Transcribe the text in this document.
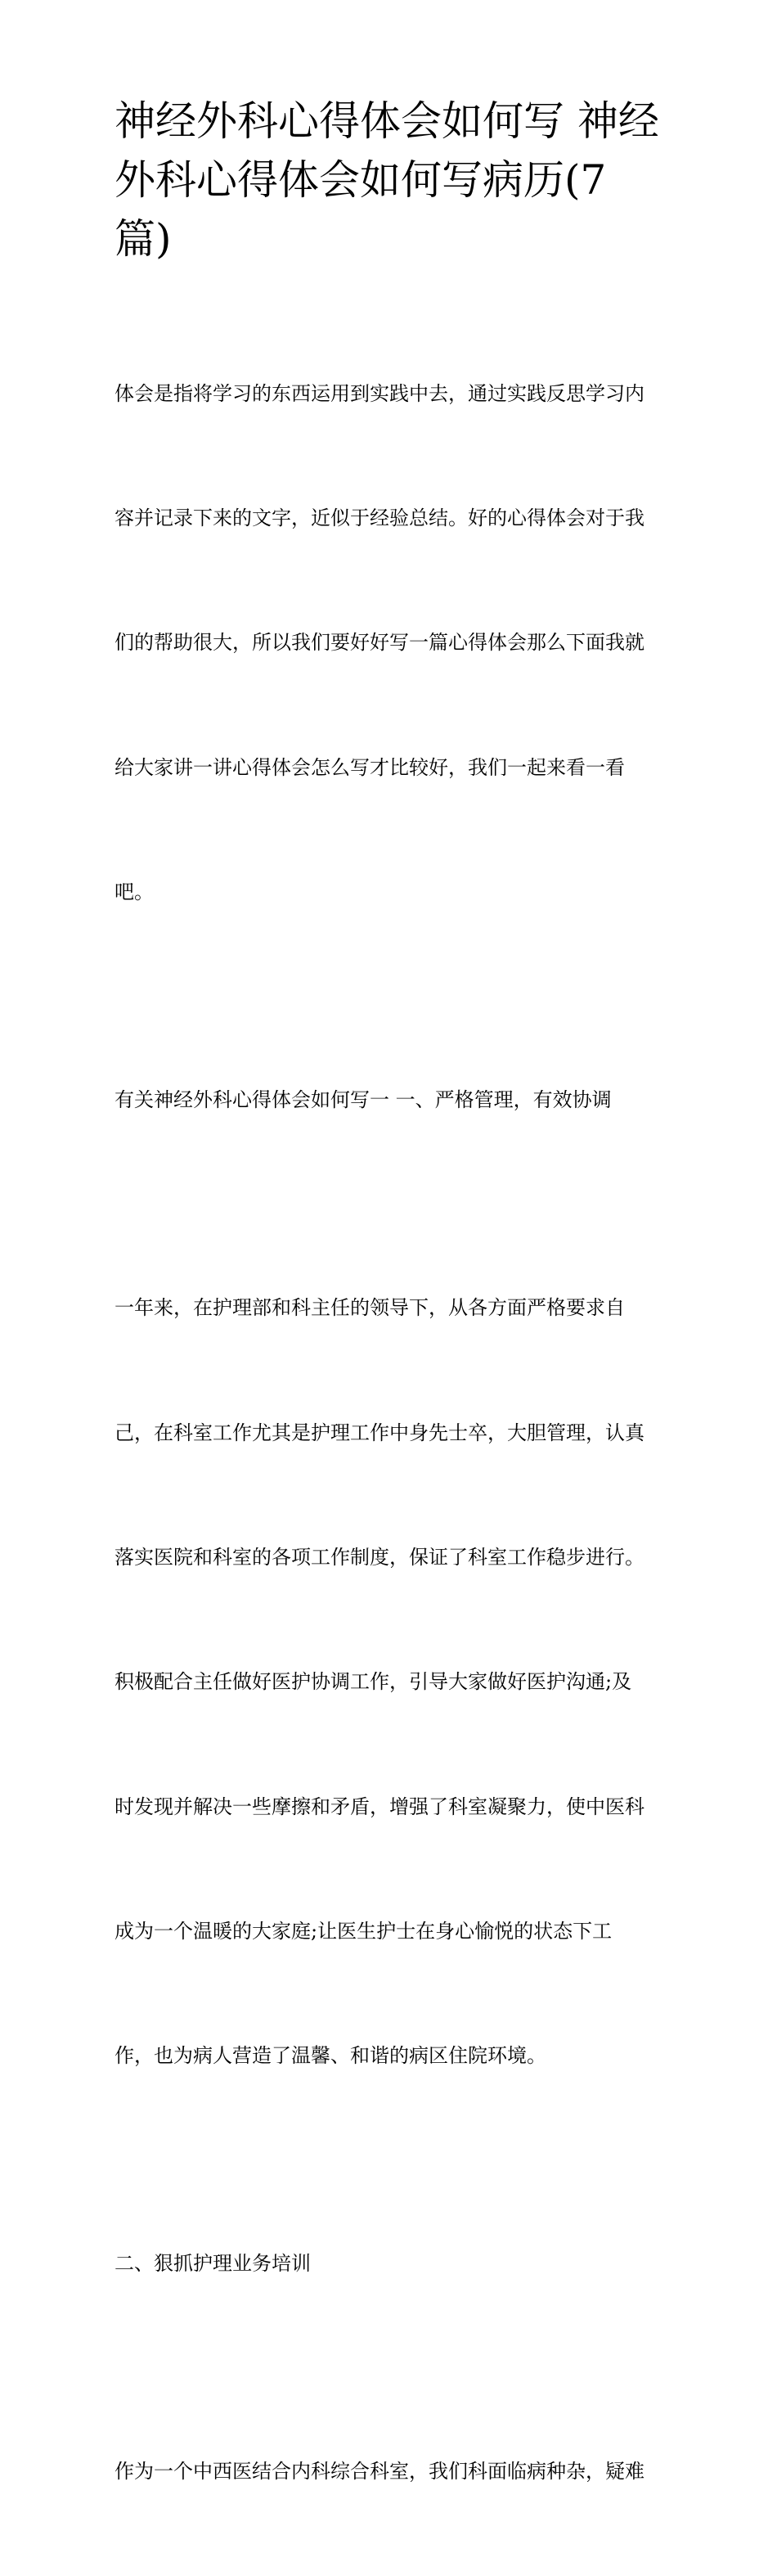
神经外科心得体会如何写 神经
外科心得体会如何写病历(7
篇)

体会是指将学习的东西运用到实践中去，通过实践反思学习内

容并记录下来的文字，近似于经验总结。好的心得体会对于我

们的帮助很大，所以我们要好好写一篇心得体会那么下面我就

给大家讲一讲心得体会怎么写才比较好，我们一起来看一看

吧。

有关神经外科心得体会如何写一 一、严格管理，有效协调

一年来，在护理部和科主任的领导下，从各方面严格要求自

己，在科室工作尤其是护理工作中身先士卒，大胆管理，认真

落实医院和科室的各项工作制度，保证了科室工作稳步进行。

积极配合主任做好医护协调工作，引导大家做好医护沟通;及

时发现并解决一些摩擦和矛盾，增强了科室凝聚力，使中医科

成为一个温暖的大家庭;让医生护士在身心愉悦的状态下工

作，也为病人营造了温馨、和谐的病区住院环境。

二、狠抓护理业务培训

作为一个中西医结合内科综合科室，我们科面临病种杂，疑难
